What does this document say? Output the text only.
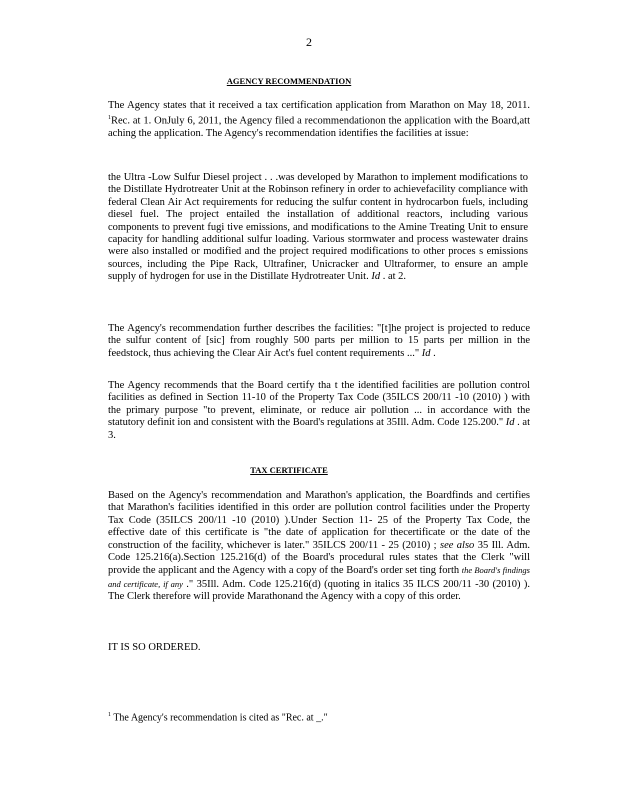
2
AGENCY RECOMMENDATION
The Agency states that it received a tax certification application from Marathon on May 18, 2011. $^1$Rec. at 1. OnJuly 6, 2011, the Agency filed a recommendationon the application with the Board,att aching the application. The Agency's recommendation identifies the facilities at issue:
the Ultra -Low Sulfur Diesel project . . .was developed by Marathon to implement modifications to the Distillate Hydrotreater Unit at the Robinson refinery in order to achievefacility compliance with federal Clean Air Act requirements for reducing the sulfur content in hydrocarbon fuels, including diesel fuel. The project entailed the installation of additional reactors, including various components to prevent fugi tive emissions, and modifications to the Amine Treating Unit to ensure capacity for handling additional sulfur loading. Various stormwater and process wastewater drains were also installed or modified and the project required modifications to other proces s emissions sources, including the Pipe Rack, Ultrafiner, Unicracker and Ultraformer, to ensure an ample supply of hydrogen for use in the Distillate Hydrotreater Unit. Id . at 2.
The Agency's recommendation further describes the facilities: "[t]he project is projected to reduce the sulfur content of [sic] from roughly 500 parts per million to 15 parts per million in the feedstock, thus achieving the Clear Air Act's fuel content requirements ..." Id .
The Agency recommends that the Board certify tha t the identified facilities are pollution control facilities as defined in Section 11-10 of the Property Tax Code (35ILCS 200/11 -10 (2010) ) with the primary purpose "to prevent, eliminate, or reduce air pollution ... in accordance with the statutory definit ion and consistent with the Board's regulations at 35Ill. Adm. Code 125.200." Id . at 3.
TAX CERTIFICATE
Based on the Agency's recommendation and Marathon's application, the Boardfinds and certifies that Marathon's facilities identified in this order are pollution control facilities under the Property Tax Code (35ILCS 200/11 -10 (2010) ).Under Section 11- 25 of the Property Tax Code, the effective date of this certificate is "the date of application for thecertificate or the date of the construction of the facility, whichever is later." 35ILCS 200/11 - 25 (2010) ; see also 35 Ill. Adm. Code 125.216(a).Section 125.216(d) of the Board's procedural rules states that the Clerk "will provide the applicant and the Agency with a copy of the Board's order set ting forth the Board's findings and certificate, if any ." 35Ill. Adm. Code 125.216(d) (quoting in italics 35 ILCS 200/11 -30 (2010) ). The Clerk therefore will provide Marathonand the Agency with a copy of this order.
IT IS SO ORDERED.
$^1$ The Agency's recommendation is cited as "Rec. at _."
